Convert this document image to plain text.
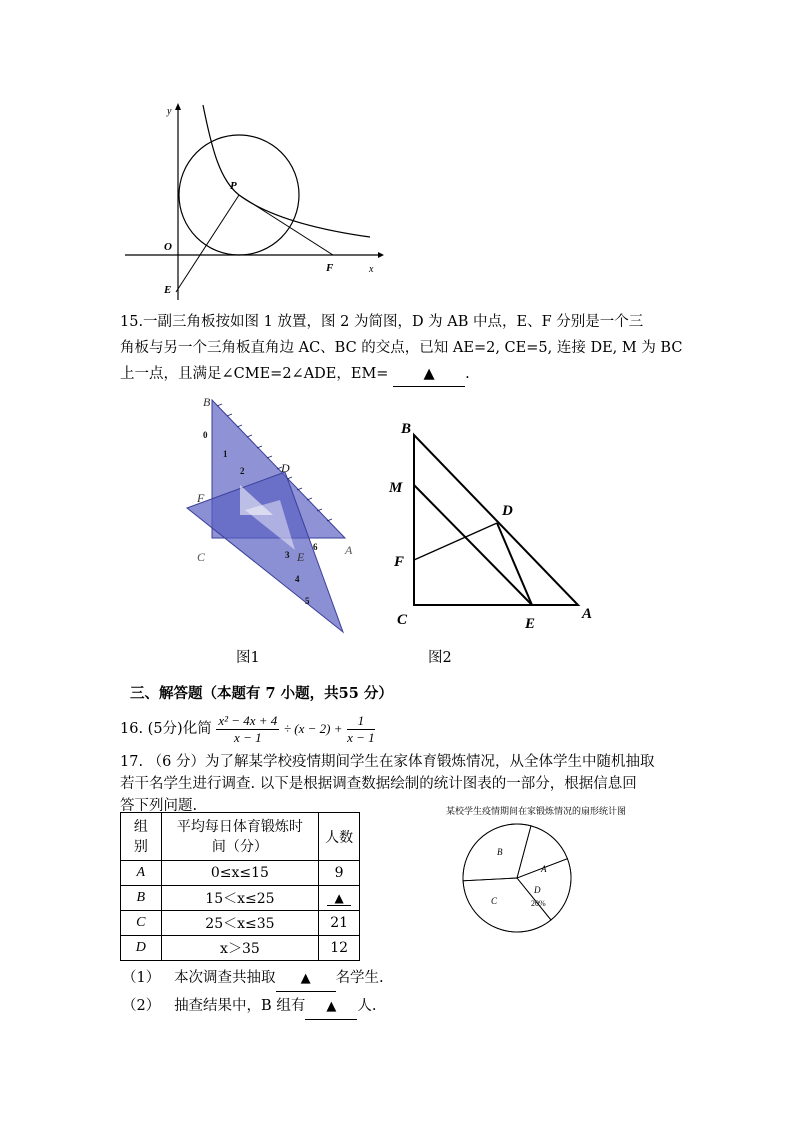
y
x
O
P
E
F
15.一副三角板按如图 1 放置，图 2 为简图，D 为 AB 中点，E、F 分别是一个三
角板与另一个三角板直角边 AC、BC 的交点，已知 AE=2, CE=5, 连接 DE, M 为 BC
上一点，且满足∠CME=2∠ADE，EM= ▲ .
0
1
2
3
4
5
6
B
D
F
C	E	A
图1
B
M
D
F
C	E
A
图2
三、解答题（本题有 7 小题，共55 分）
16. (5分)化简 $\frac{\text{x² − 4x + 4}}{x - 1} \div (x - 2) + \frac{1}{x - 1}$
17. （6 分）为了解某学校疫情期间学生在家体育锻炼情况，从全体学生中随机抽取
若干名学生进行调查. 以下是根据调查数据绘制的统计图表的一部分，根据信息回
答下列问题.
组
别	平均每日体育锻炼时
间（分）	人数
A	0≤x≤15	9
B	15＜x≤25	▲
C	25＜x≤35	21
D	x＞35	12
某校学生疫情期间在家锻炼情况的扇形统计图
B
A
C
D
20%
（1） 本次调查共抽取 ▲ 名学生.
（2） 抽查结果中，B 组有 ▲ 人.
